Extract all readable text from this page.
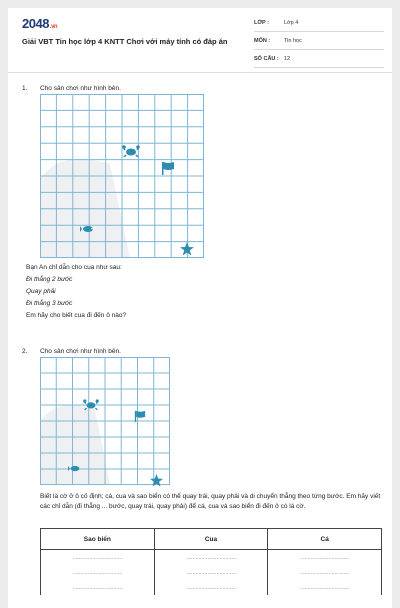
2048.vn
Giải VBT Tin học lớp 4 KNTT Chơi với máy tính có đáp án
LỚP :	Lớp 4
MÔN :	Tin học
SỐ CÂU : 12
1. Cho sân chơi như hình bên.
Bạn An chỉ dẫn cho cua như sau:
Đi thẳng 2 bước
Quay phải
Đi thẳng 3 bước
Em hãy cho biết cua đi đến ô nào?
2. Cho sân chơi như hình bên.
Biết là cờ ở ô cố định; cá, cua và sao biển có thể quay trái, quay phải và di chuyển thẳng theo từng bước. Em hãy viết các chỉ dẫn (đi thẳng ... bước, quay trái, quay phải) để cá, cua và sao biển đi đến ô có lá cờ.
Sao biển	Cua	Cá
……………………………	……………………………	……………………………
……………………………	……………………………	……………………………
……………………………	……………………………	……………………………
